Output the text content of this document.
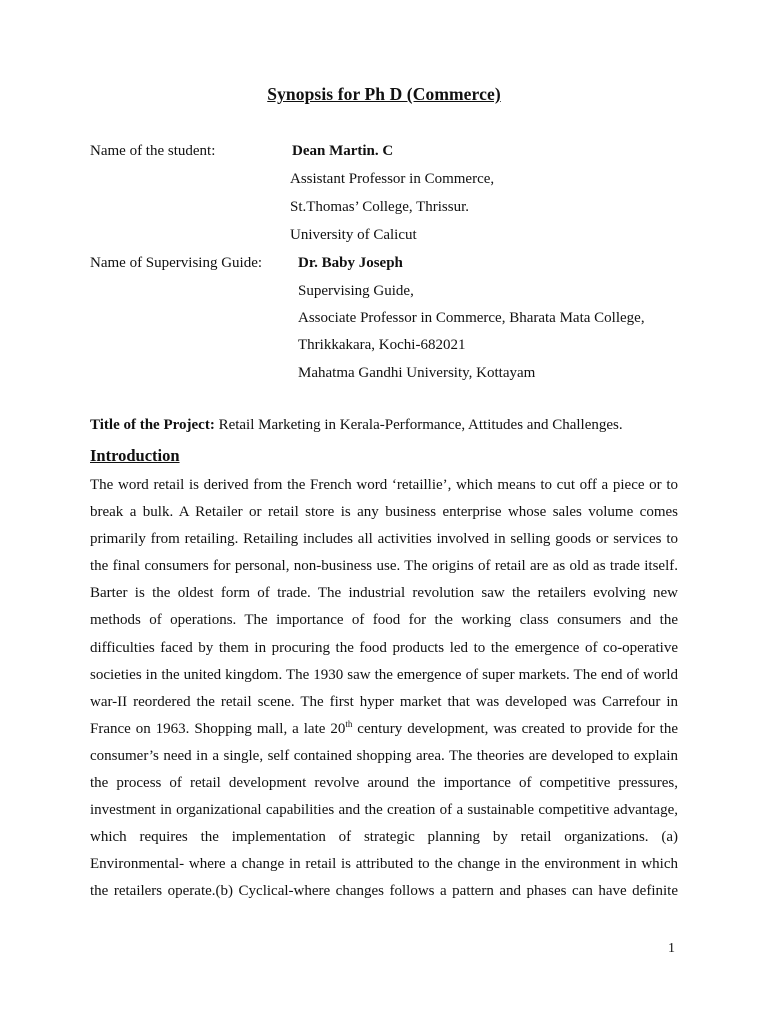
Synopsis for Ph D (Commerce)
Name of the student:	Dean Martin. C
Assistant Professor in Commerce,
St.Thomas’ College, Thrissur.
University of Calicut
Name of Supervising Guide: Dr. Baby Joseph
Supervising Guide,
Associate Professor in Commerce, Bharata Mata College,
Thrikkakara, Kochi-682021
Mahatma Gandhi University, Kottayam
Title of the Project: Retail Marketing in Kerala-Performance, Attitudes and Challenges.
Introduction
The word retail is derived from the French word ‘retaillie’, which means to cut off a piece or to break a bulk. A Retailer or retail store is any business enterprise whose sales volume comes primarily from retailing. Retailing includes all activities involved in selling goods or services to the final consumers for personal, non-business use. The origins of retail are as old as trade itself. Barter is the oldest form of trade. The industrial revolution saw the retailers evolving new methods of operations. The importance of food for the working class consumers and the difficulties faced by them in procuring the food products led to the emergence of co-operative societies in the united kingdom. The 1930 saw the emergence of super markets. The end of world war-II reordered the retail scene. The first hyper market that was developed was Carrefour in France on 1963. Shopping mall, a late 20th century development, was created to provide for the consumer’s need in a single, self contained shopping area. The theories are developed to explain the process of retail development revolve around the importance of competitive pressures, investment in organizational capabilities and the creation of a sustainable competitive advantage, which requires the implementation of strategic planning by retail organizations. (a) Environmental- where a change in retail is attributed to the change in the environment in which the retailers operate.(b) Cyclical-where changes follows a pattern and phases can have definite
1
